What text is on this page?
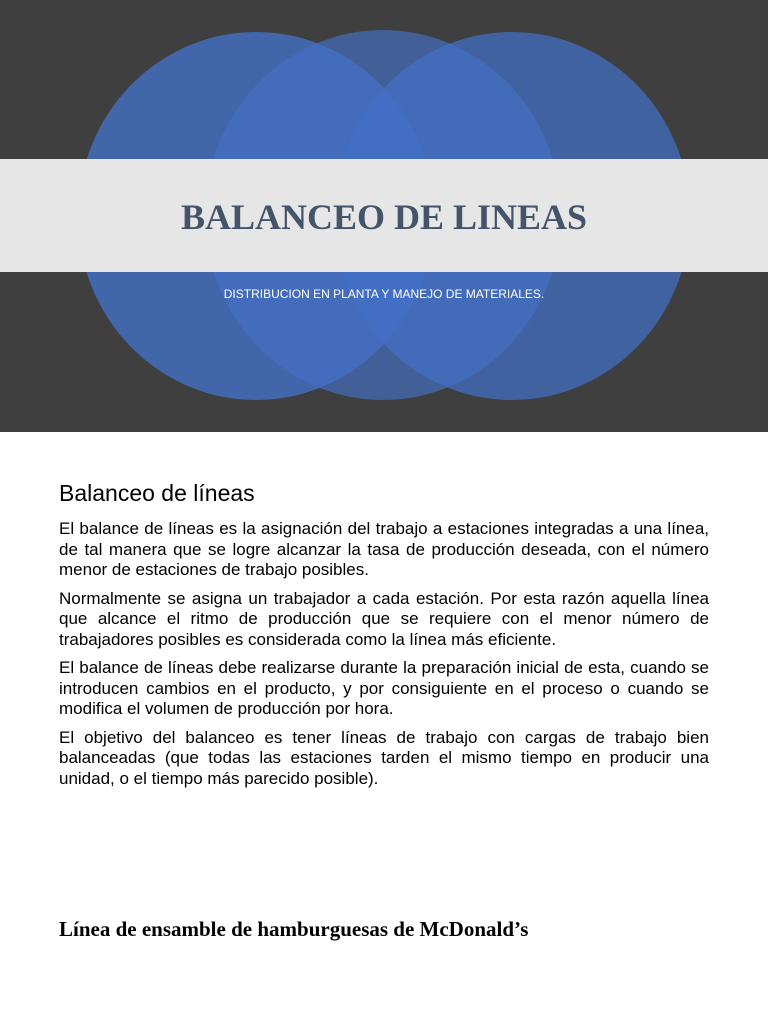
BALANCEO DE LINEAS

DISTRIBUCION EN PLANTA Y MANEJO DE MATERIALES.

Balanceo de líneas

El balance de líneas es la asignación del trabajo a estaciones integradas a una línea, de tal manera que se logre alcanzar la tasa de producción deseada, con el número menor de estaciones de trabajo posibles.

Normalmente se asigna un trabajador a cada estación. Por esta razón aquella línea que alcance el ritmo de producción que se requiere con el menor número de trabajadores posibles es considerada como la línea más eficiente.

El balance de líneas debe realizarse durante la preparación inicial de esta, cuando se introducen cambios en el producto, y por consiguiente en el proceso o cuando se modifica el volumen de producción por hora.

El objetivo del balanceo es tener líneas de trabajo con cargas de trabajo bien balanceadas (que todas las estaciones tarden el mismo tiempo en producir una unidad, o el tiempo más parecido posible).

Línea de ensamble de hamburguesas de McDonald’s
